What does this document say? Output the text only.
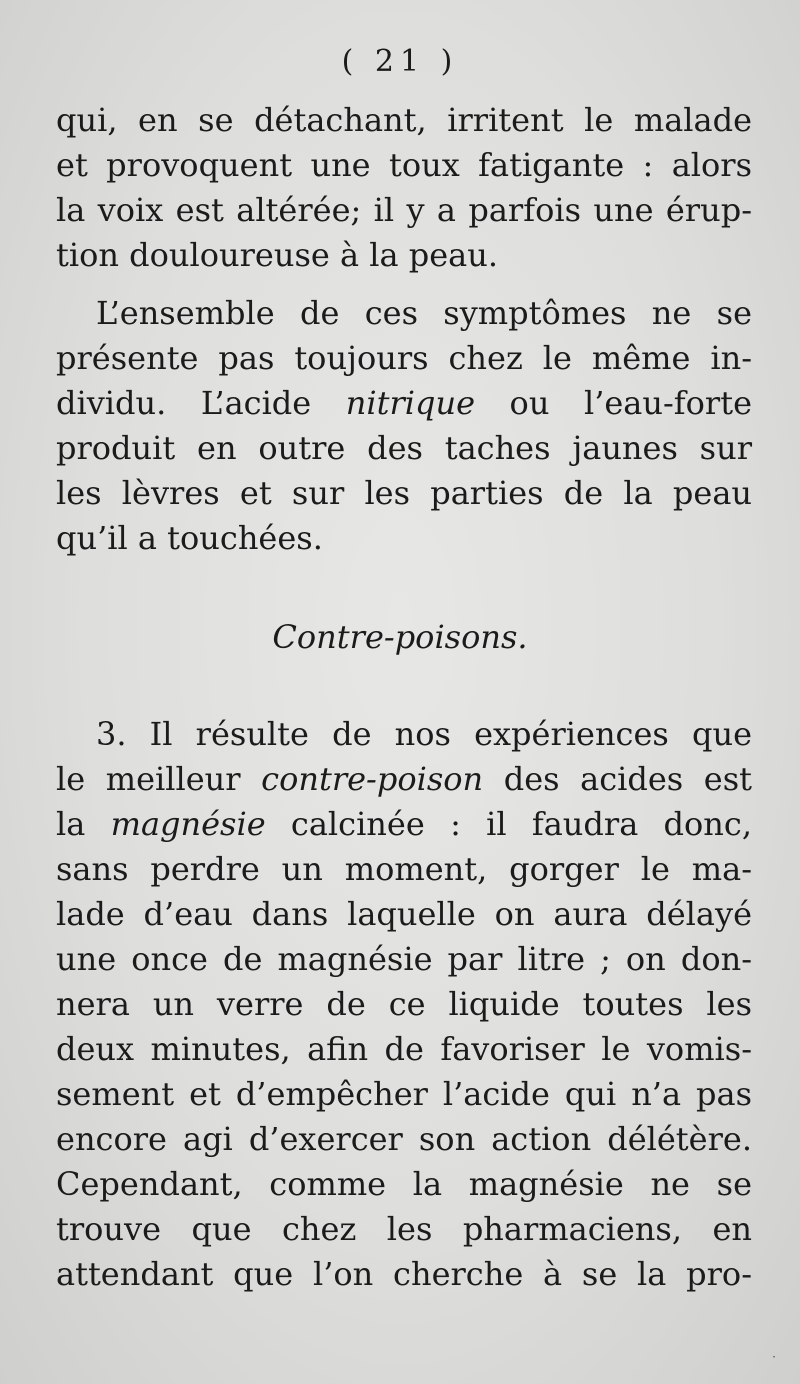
( 21 )
qui, en se détachant, irritent le malade
et provoquent une toux fatigante : alors
la voix est altérée; il y a parfois une érup-
tion douloureuse à la peau.
L’ensemble de ces symptômes ne se
présente pas toujours chez le même in-
dividu. L’acide nitrique ou l’eau-forte
produit en outre des taches jaunes sur
les lèvres et sur les parties de la peau
qu’il a touchées.
Contre-poisons.
3. Il résulte de nos expériences que
le meilleur contre-poison des acides est
la magnésie calcinée : il faudra donc,
sans perdre un moment, gorger le ma-
lade d’eau dans laquelle on aura délayé
une once de magnésie par litre ; on don-
nera un verre de ce liquide toutes les
deux minutes, afin de favoriser le vomis-
sement et d’empêcher l’acide qui n’a pas
encore agi d’exercer son action délétère.
Cependant, comme la magnésie ne se
trouve que chez les pharmaciens, en
attendant que l’on cherche à se la pro-
·
